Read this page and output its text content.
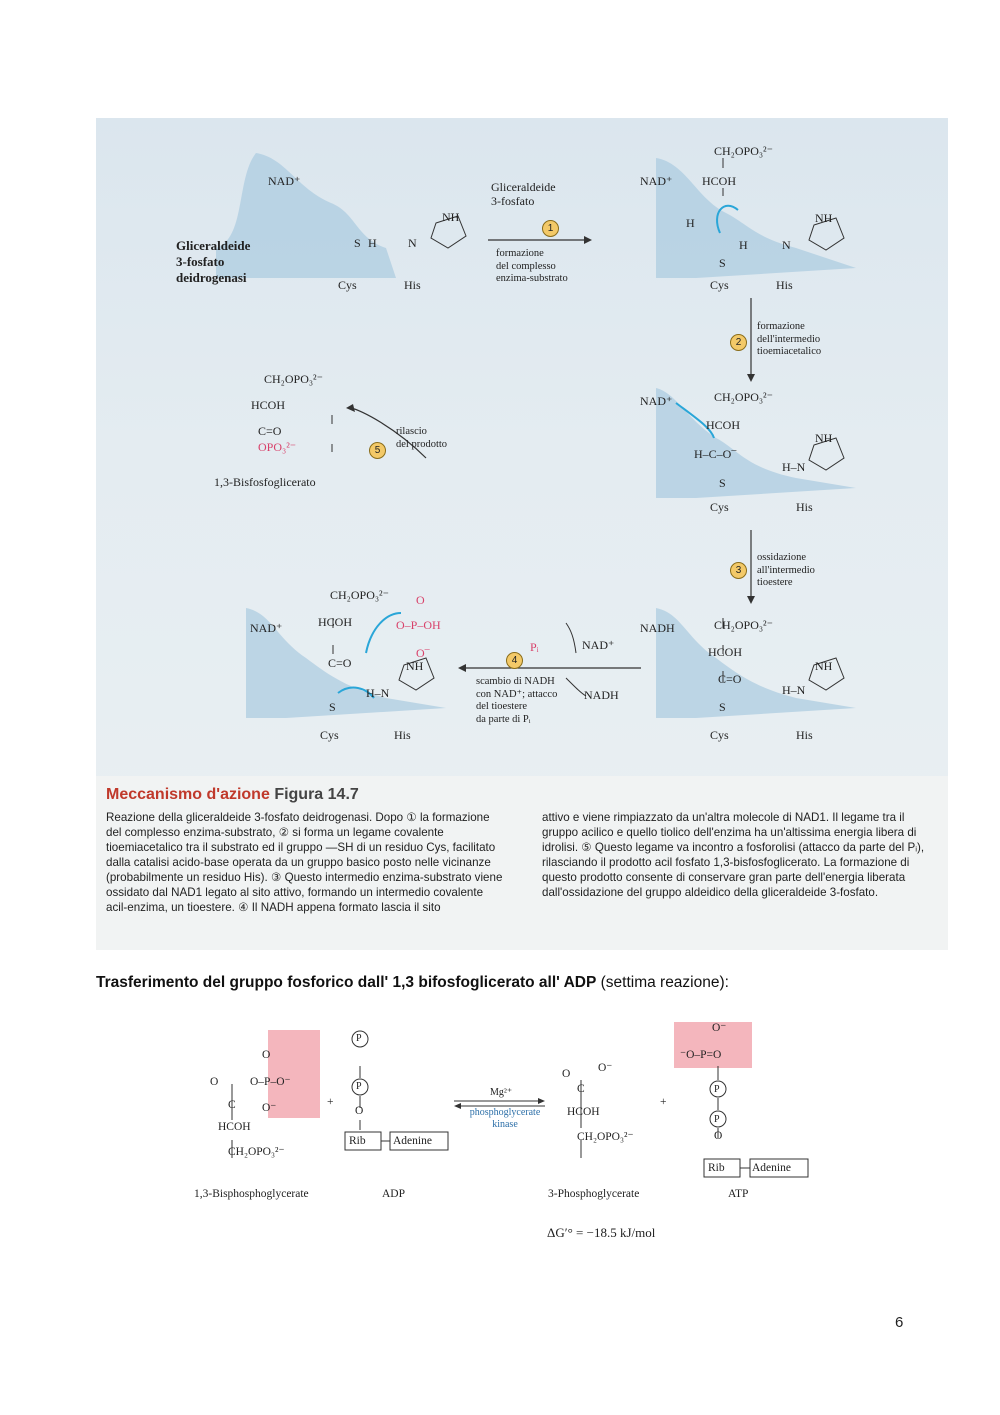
Gliceraldeide
3-fosfato
deidrogenasi
NAD⁺
S H	N
NH
Cys	His
Gliceraldeide
3-fosfato
1
formazione
del complesso
enzima-substrato
NAD⁺
CH₂OPO₃²⁻
HCOH
H
H	N
NH
S
Cys	His
2
formazione
dell'intermedio
tioemiacetalico
NAD⁺	CH₂OPO₃²⁻
HCOH
H–C–O–
H–N
NH
S
Cys	His
3
ossidazione
all'intermedio
tioestere
NADH	CH₂OPO₃²⁻
HCOH
C=O
H–N
NH
S
Cys	His
Pᵢ	NAD⁺
NADH
4
scambio di NADH
con NAD⁺; attacco
del tioestere
da parte di Pᵢ
NAD⁺
CH₂OPO₃²⁻
HCOH	O–P–OH
O
O–
C=O
H–N
NH
S
Cys	His
CH₂OPO₃²⁻
HCOH
C=O
OPO₃²⁻
1,3-Bisfosfoglicerato
5
rilascio
del prodotto
Meccanismo d'azione Figura 14.7
Reazione della gliceraldeide 3-fosfato deidrogenasi. Dopo ① la formazione del complesso enzima-substrato, ② si forma un legame covalente tioemiacetalico tra il substrato ed il gruppo —SH di un residuo Cys, facilitato dalla catalisi acido-base operata da un gruppo basico posto nelle vicinanze (probabilmente un residuo His). ③ Questo intermedio enzima-substrato viene ossidato dal NAD1 legato al sito attivo, formando un intermedio covalente acil-enzima, un tioestere. ④ Il NADH appena formato lascia il sito
attivo e viene rimpiazzato da un'altra molecole di NAD1. Il legame tra il gruppo acilico e quello tiolico dell'enzima ha un'altissima energia libera di idrolisi. ⑤ Questo legame va incontro a fosforolisi (attacco da parte del Pᵢ), rilasciando il prodotto acil fosfato 1,3-bisfosfoglicerato. La formazione di questo prodotto consente di conservare gran parte dell'energia liberata dall'ossidazione del gruppo aldeidico della gliceraldeide 3-fosfato.
Trasferimento del gruppo fosforico dall' 1,3 bifosfoglicerato all' ADP (settima reazione):
O
O	O–P–O⁻
O⁻
C
HCOH
CH₂OPO₃²⁻
1,3-Bisphosphoglycerate
+
P
P
O
Rib Adenine
ADP
Mg²⁺
phosphoglycerate
kinase
O O⁻
C
HCOH
CH₂OPO₃²⁻
3-Phosphoglycerate
+
O⁻
⁻O–P=O
P
P
O
Rib Adenine
ATP
ΔG′° = −18.5 kJ/mol
6
